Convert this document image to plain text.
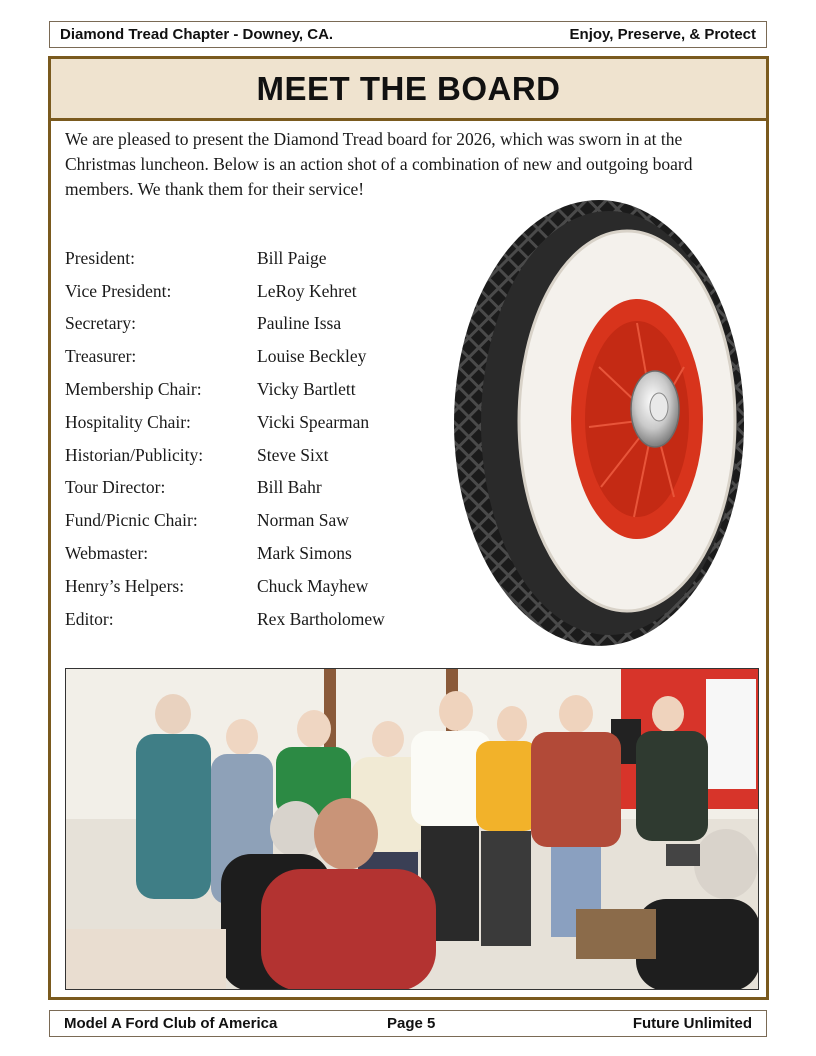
Diamond Tread Chapter - Downey, CA.	Enjoy, Preserve, & Protect
MEET THE BOARD

We are pleased to present the Diamond Tread board for 2026, which was sworn in at the Christmas luncheon. Below is an action shot of a combination of new and outgoing board members. We thank them for their service!

President:	Bill Paige
Vice President:	LeRoy Kehret
Secretary:	Pauline Issa
Treasurer:	Louise Beckley
Membership Chair:	Vicky Bartlett
Hospitality Chair:	Vicki Spearman
Historian/Publicity:	Steve Sixt
Tour Director:	Bill Bahr
Fund/Picnic Chair:	Norman Saw
Webmaster:	Mark Simons
Henry’s Helpers:	Chuck Mayhew
Editor:	Rex Bartholomew
Model A Ford Club of America	Page 5	Future Unlimited
